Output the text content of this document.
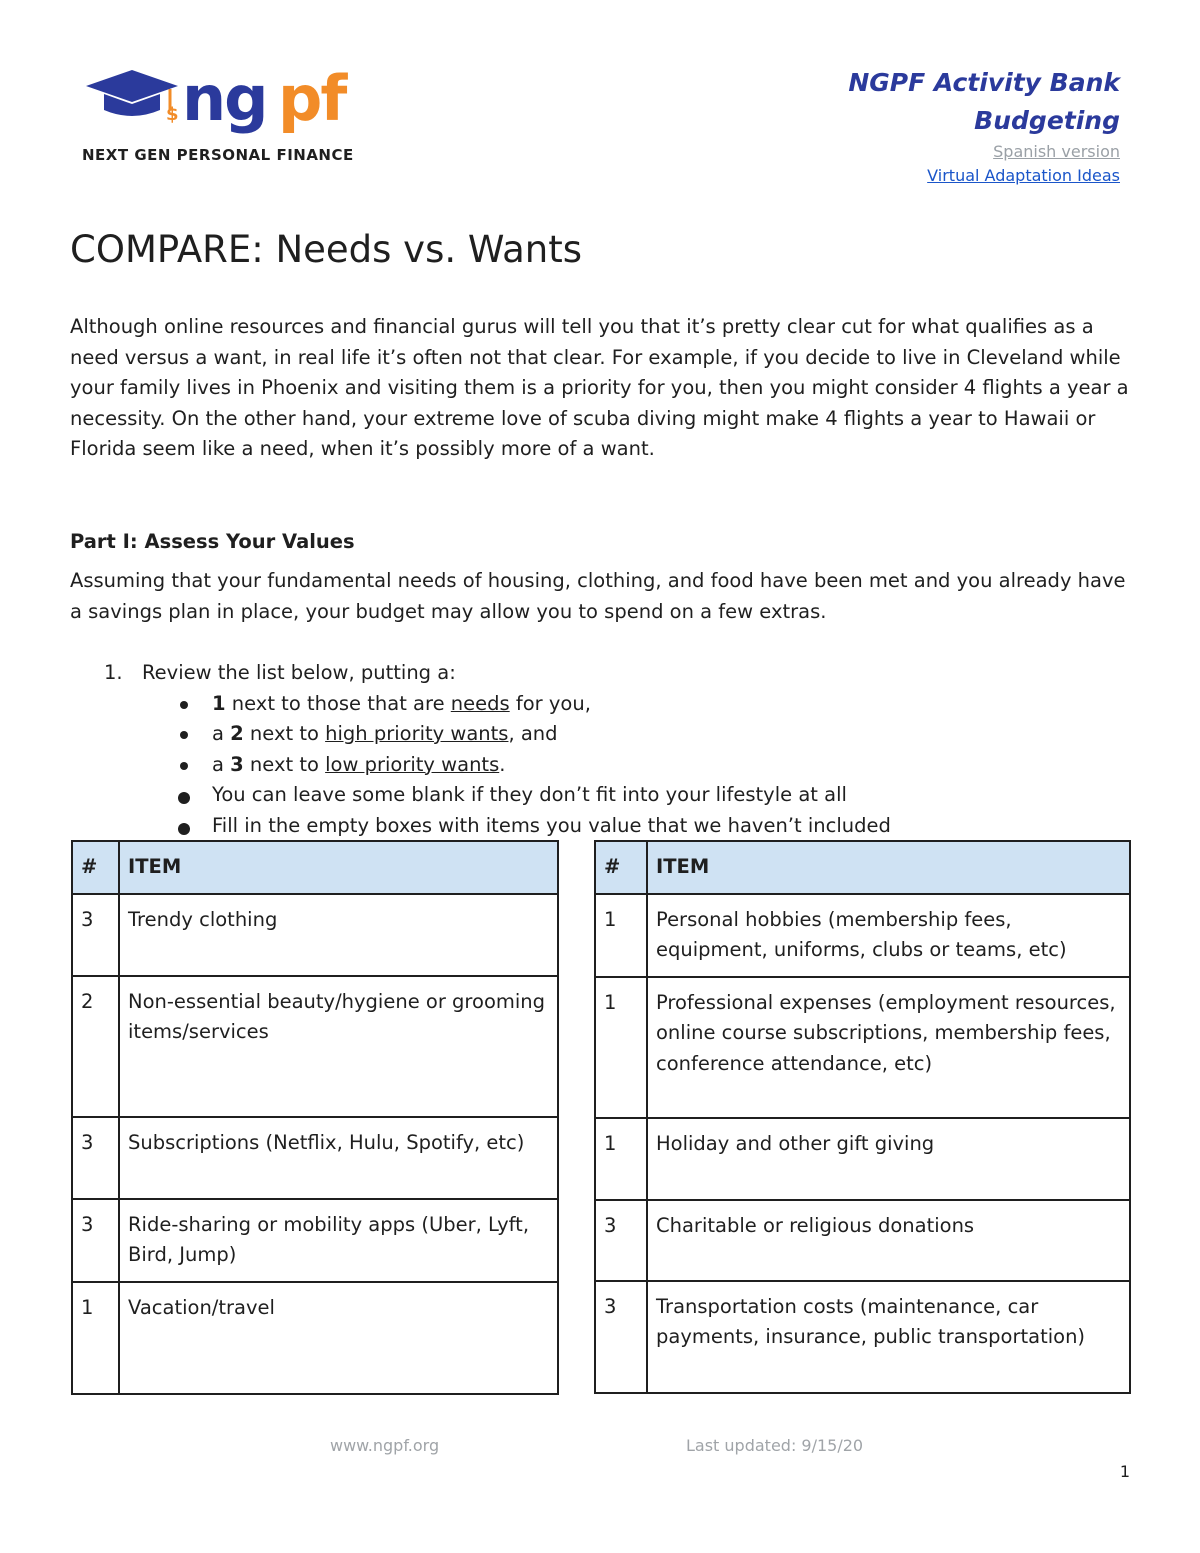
$ ng pf
NEXT GEN PERSONAL FINANCE
NGPF Activity Bank
Budgeting
Spanish version
Virtual Adaptation Ideas
COMPARE: Needs vs. Wants

Although online resources and financial gurus will tell you that it’s pretty clear cut for what qualifies as a need versus a want, in real life it’s often not that clear. For example, if you decide to live in Cleveland while your family lives in Phoenix and visiting them is a priority for you, then you might consider 4 flights a year a necessity. On the other hand, your extreme love of scuba diving might make 4 flights a year to Hawaii or Florida seem like a need, when it’s possibly more of a want.

Part I: Assess Your Values

Assuming that your fundamental needs of housing, clothing, and food have been met and you already have a savings plan in place, your budget may allow you to spend on a few extras.

1. Review the list below, putting a:
1 next to those that are needs for you,
a 2 next to high priority wants, and
a 3 next to low priority wants.
You can leave some blank if they don’t fit into your lifestyle at all
Fill in the empty boxes with items you value that we haven’t included
#	ITEM
3	Trendy clothing
2	Non-essential beauty/hygiene or grooming items/services
3	Subscriptions (Netflix, Hulu, Spotify, etc)
3	Ride-sharing or mobility apps (Uber, Lyft, Bird, Jump)
1	Vacation/travel
#	ITEM
1	Personal hobbies (membership fees, equipment, uniforms, clubs or teams, etc)
1	Professional expenses (employment resources, online course subscriptions, membership fees, conference attendance, etc)
1	Holiday and other gift giving
3	Charitable or religious donations
3	Transportation costs (maintenance, car payments, insurance, public transportation)
www.ngpf.org	Last updated: 9/15/20
1
